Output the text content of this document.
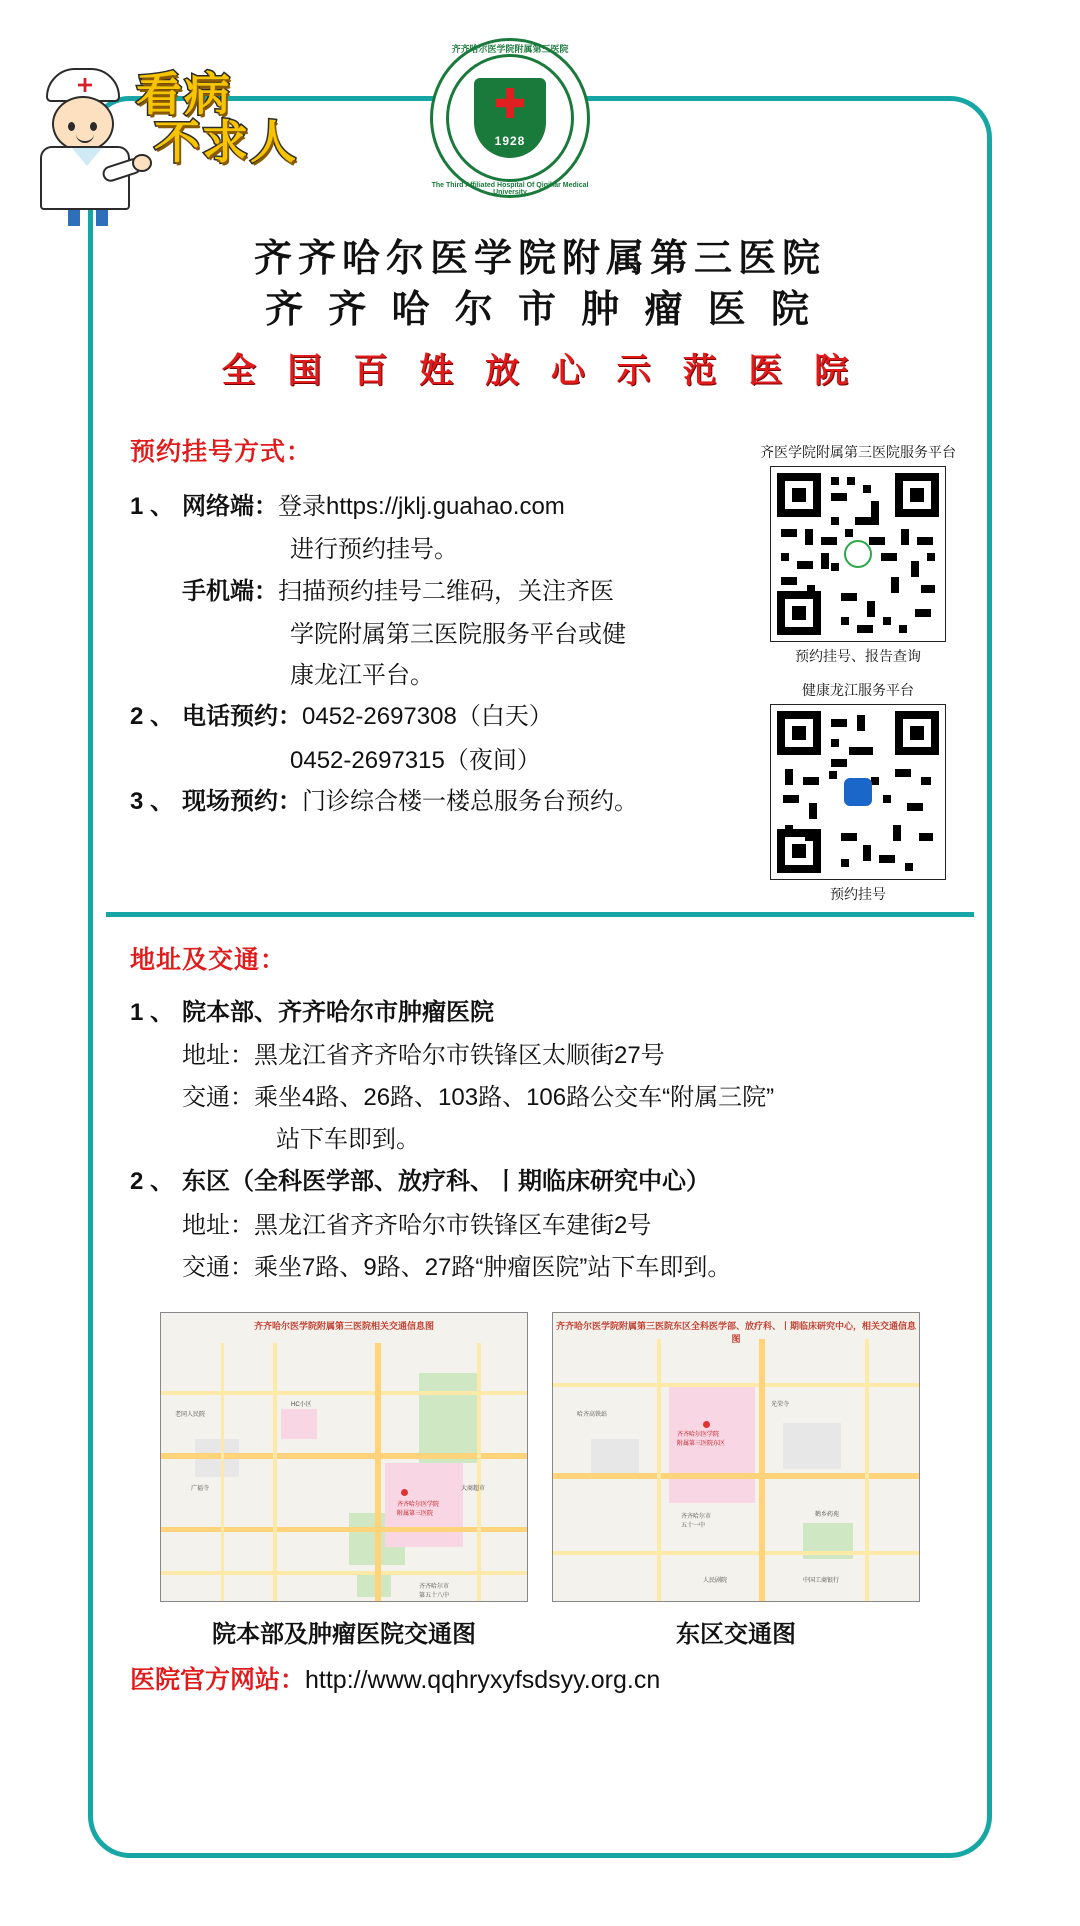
看病
不求人
齐齐哈尔医学院附属第三医院
1928
The Third Affiliated Hospital Of Qiqihar Medical University
齐齐哈尔医学院附属第三医院
齐 齐 哈 尔 市 肿 瘤 医 院
全 国 百 姓 放 心 示 范 医 院
预约挂号方式：
1 、 网络端： 登录https://jklj.guahao.com
进行预约挂号。
手机端： 扫描预约挂号二维码，关注齐医
学院附属第三医院服务平台或健
康龙江平台。
2 、 电话预约： 0452-2697308（白天）
0452-2697315（夜间）
3 、 现场预约： 门诊综合楼一楼总服务台预约。
齐医学院附属第三医院服务平台
预约挂号、报告查询
健康龙江服务平台
预约挂号
地址及交通：
1 、 院本部、齐齐哈尔市肿瘤医院
地址： 黑龙江省齐齐哈尔市铁锋区太顺街27号
交通： 乘坐4路、26路、103路、106路公交车“附属三院”
站下车即到。
2 、 东区（全科医学部、放疗科、丨期临床研究中心）
地址： 黑龙江省齐齐哈尔市铁锋区车建街2号
交通： 乘坐7路、9路、27路“肿瘤医院”站下车即到。
齐齐哈尔医学院附属第三医院相关交通信息图
齐齐哈尔医学院
附属第三医院
老同人民院
广福寺
HC小区
大商超市
齐齐哈尔市
第五十八中
院本部及肿瘤医院交通图
齐齐哈尔医学院附属第三医院东区全科医学部、放疗科、丨期临床研究中心，相关交通信息图
齐齐哈尔医学院
附属第三医院东区
哈齐高铁站
光荣寺
齐齐哈尔市
五十一中
鹤乡药苑
人民剧院	中国工商银行
东区交通图
医院官方网站：http://www.qqhryxyfsdsyy.org.cn
